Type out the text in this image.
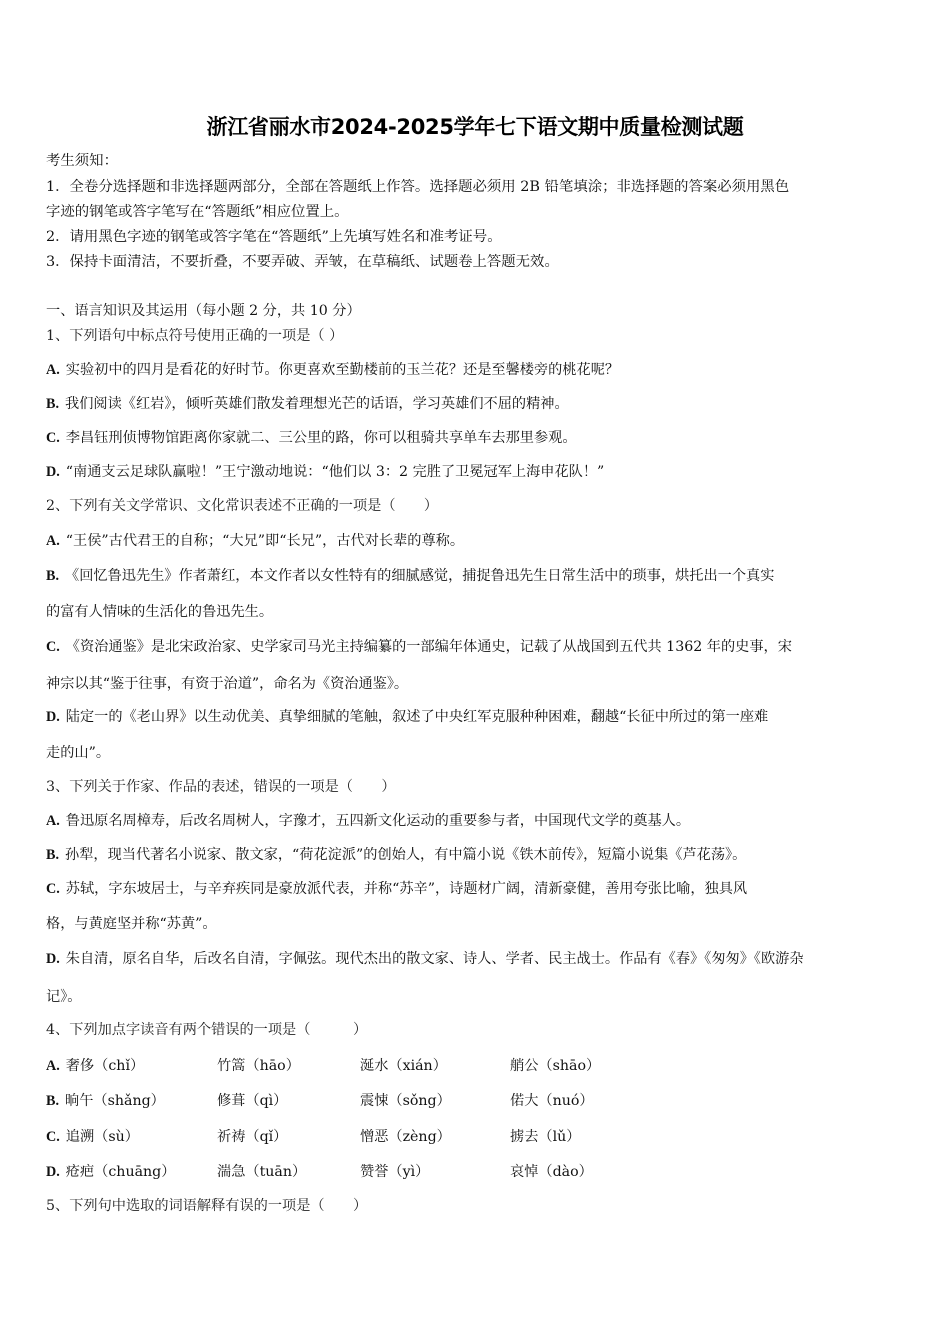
浙江省丽水市2024-2025学年七下语文期中质量检测试题
考生须知：
1．全卷分选择题和非选择题两部分，全部在答题纸上作答。选择题必须用 2B 铅笔填涂；非选择题的答案必须用黑色
字迹的钢笔或答字笔写在“答题纸”相应位置上。
2．请用黑色字迹的钢笔或答字笔在“答题纸”上先填写姓名和准考证号。
3．保持卡面清洁，不要折叠，不要弄破、弄皱，在草稿纸、试题卷上答题无效。
一、语言知识及其运用（每小题 2 分，共 10 分）
1、下列语句中标点符号使用正确的一项是（ ）
A. 实验初中的四月是看花的好时节。你更喜欢至勤楼前的玉兰花？还是至馨楼旁的桃花呢？
B. 我们阅读《红岩》，倾听英雄们散发着理想光芒的话语，学习英雄们不屈的精神。
C. 李昌钰刑侦博物馆距离你家就二、三公里的路，你可以租骑共享单车去那里参观。
D. “南通支云足球队赢啦！”王宁激动地说：“他们以 3：2 完胜了卫冕冠军上海申花队！”
2、下列有关文学常识、文化常识表述不正确的一项是（　　）
A. “王侯”古代君王的自称；“大兄”即“长兄”，古代对长辈的尊称。
B. 《回忆鲁迅先生》作者萧红，本文作者以女性特有的细腻感觉，捕捉鲁迅先生日常生活中的琐事，烘托出一个真实
的富有人情味的生活化的鲁迅先生。
C. 《资治通鉴》是北宋政治家、史学家司马光主持编纂的一部编年体通史，记载了从战国到五代共 1362 年的史事，宋
神宗以其“鉴于往事，有资于治道”，命名为《资治通鉴》。
D. 陆定一的《老山界》以生动优美、真挚细腻的笔触，叙述了中央红军克服种种困难，翻越“长征中所过的第一座难
走的山”。
3、下列关于作家、作品的表述，错误的一项是（　　）
A. 鲁迅原名周樟寿，后改名周树人，字豫才，五四新文化运动的重要参与者，中国现代文学的奠基人。
B. 孙犁，现当代著名小说家、散文家，“荷花淀派”的创始人，有中篇小说《铁木前传》，短篇小说集《芦花荡》。
C. 苏轼，字东坡居士，与辛弃疾同是豪放派代表，并称“苏辛”，诗题材广阔，清新豪健，善用夸张比喻，独具风
格，与黄庭坚并称“苏黄”。
D. 朱自清，原名自华，后改名自清，字佩弦。现代杰出的散文家、诗人、学者、民主战士。作品有《春》《匆匆》《欧游杂
记》。
4、下列加点字读音有两个错误的一项是（　　　）
A. 奢侈（chǐ）	竹篙（hāo）	涎水（xián）	艄公（shāo）
B. 晌午（shǎng）	修葺（qì）	震悚（sǒng）	偌大（nuó）
C. 追溯（sù）	祈祷（qǐ）	憎恶（zèng）	掳去（lǔ）
D. 疮疤（chuāng）	湍急（tuān）	赞誉（yì）	哀悼（dào）
5、下列句中选取的词语解释有误的一项是（　　）
